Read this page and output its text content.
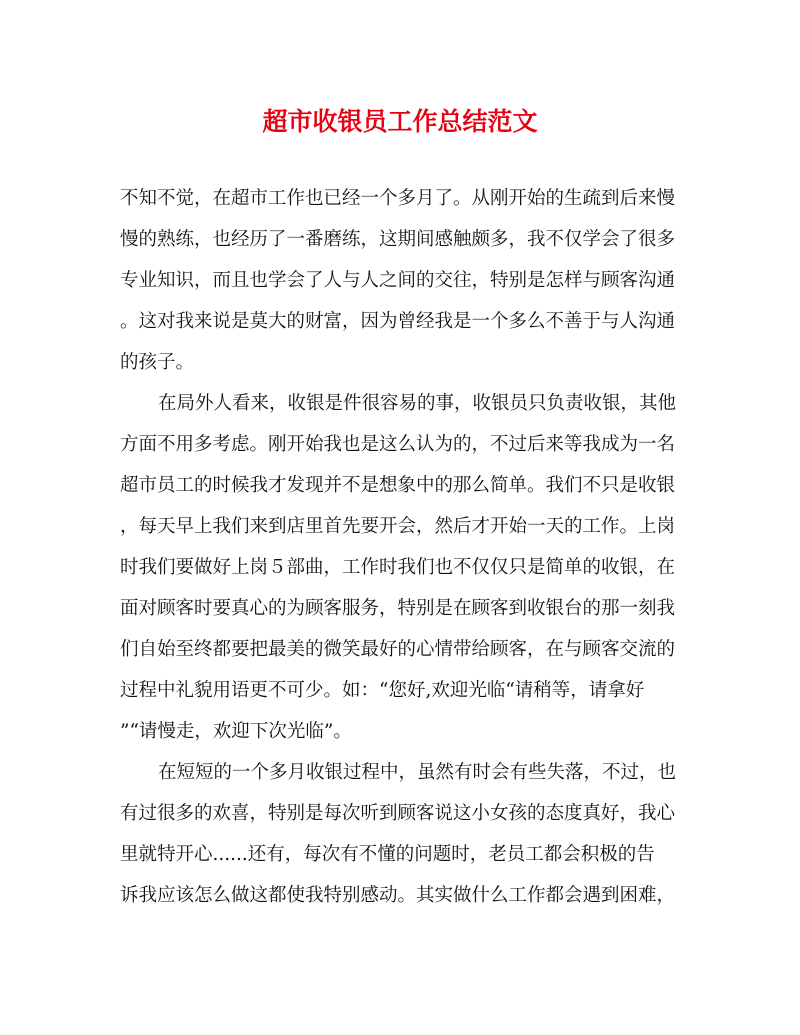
超市收银员工作总结范文
不知不觉，在超市工作也已经一个多月了。从刚开始的生疏到后来慢
慢的熟练，也经历了一番磨练，这期间感触颇多，我不仅学会了很多
专业知识，而且也学会了人与人之间的交往，特别是怎样与顾客沟通
。这对我来说是莫大的财富，因为曾经我是一个多么不善于与人沟通
的孩子。
在局外人看来，收银是件很容易的事，收银员只负责收银，其他
方面不用多考虑。刚开始我也是这么认为的，不过后来等我成为一名
超市员工的时候我才发现并不是想象中的那么简单。我们不只是收银
，每天早上我们来到店里首先要开会，然后才开始一天的工作。上岗
时我们要做好上岗５部曲，工作时我们也不仅仅只是简单的收银，在
面对顾客时要真心的为顾客服务，特别是在顾客到收银台的那一刻我
们自始至终都要把最美的微笑最好的心情带给顾客，在与顾客交流的
过程中礼貌用语更不可少。如：“您好,欢迎光临“请稍等，请拿好
”“请慢走，欢迎下次光临”。
在短短的一个多月收银过程中，虽然有时会有些失落，不过，也
有过很多的欢喜，特别是每次听到顾客说这小女孩的态度真好，我心
里就特开心......还有，每次有不懂的问题时，老员工都会积极的告
诉我应该怎么做这都使我特别感动。其实做什么工作都会遇到困难，
